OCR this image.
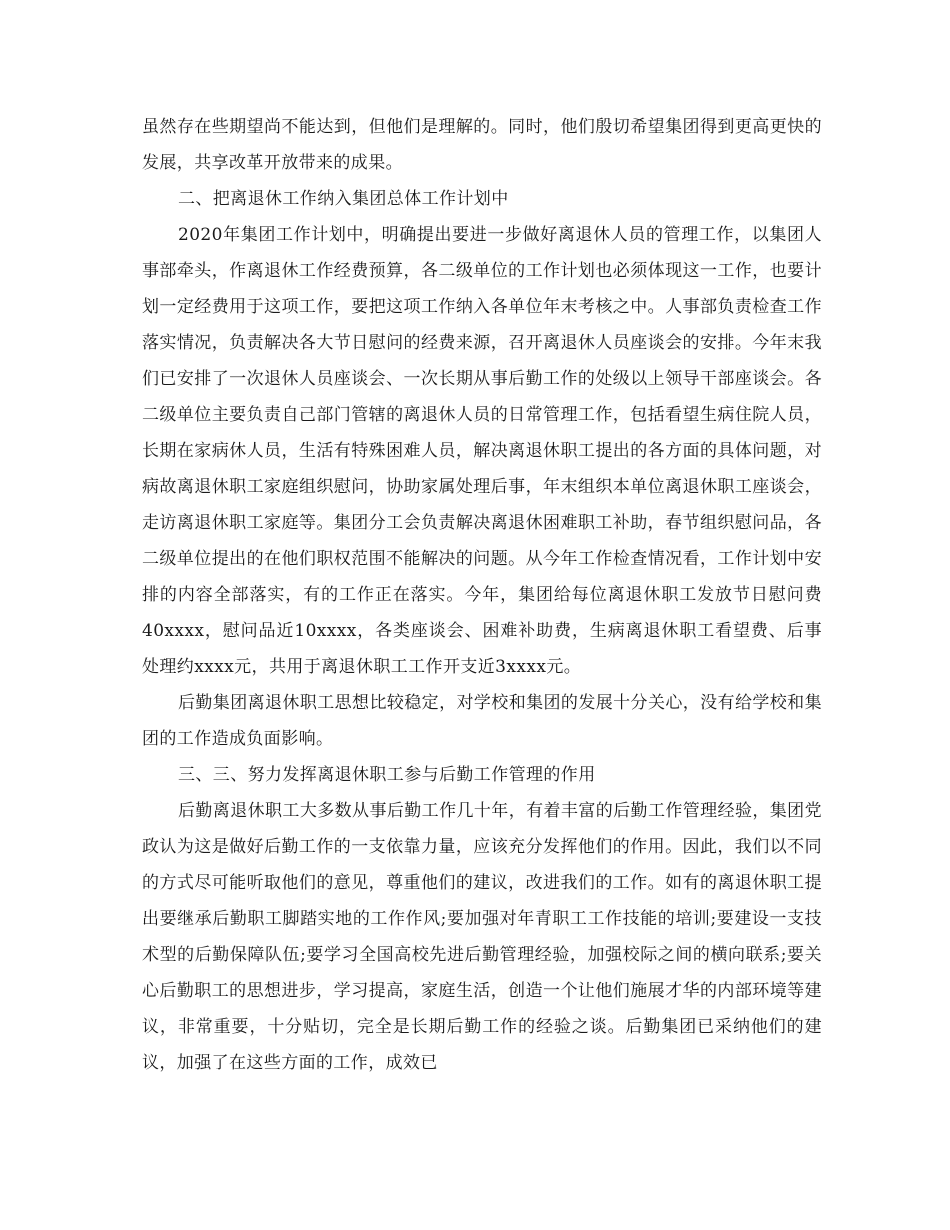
虽然存在些期望尚不能达到，但他们是理解的。同时，他们殷切希望集团得到更高更快的发展，共享改革开放带来的成果。

二、把离退休工作纳入集团总体工作计划中

2020年集团工作计划中，明确提出要进一步做好离退休人员的管理工作，以集团人事部牵头，作离退休工作经费预算，各二级单位的工作计划也必须体现这一工作，也要计划一定经费用于这项工作，要把这项工作纳入各单位年末考核之中。人事部负责检查工作落实情况，负责解决各大节日慰问的经费来源，召开离退休人员座谈会的安排。今年末我们已安排了一次退休人员座谈会、一次长期从事后勤工作的处级以上领导干部座谈会。各二级单位主要负责自己部门管辖的离退休人员的日常管理工作，包括看望生病住院人员，长期在家病休人员，生活有特殊困难人员，解决离退休职工提出的各方面的具体问题，对病故离退休职工家庭组织慰问，协助家属处理后事，年末组织本单位离退休职工座谈会，走访离退休职工家庭等。集团分工会负责解决离退休困难职工补助，春节组织慰问品，各二级单位提出的在他们职权范围不能解决的问题。从今年工作检查情况看，工作计划中安排的内容全部落实，有的工作正在落实。今年，集团给每位离退休职工发放节日慰问费40xxxx，慰问品近10xxxx，各类座谈会、困难补助费，生病离退休职工看望费、后事处理约xxxx元，共用于离退休职工工作开支近3xxxx元。

后勤集团离退休职工思想比较稳定，对学校和集团的发展十分关心，没有给学校和集团的工作造成负面影响。

三、三、努力发挥离退休职工参与后勤工作管理的作用

后勤离退休职工大多数从事后勤工作几十年，有着丰富的后勤工作管理经验，集团党政认为这是做好后勤工作的一支依靠力量，应该充分发挥他们的作用。因此，我们以不同的方式尽可能听取他们的意见，尊重他们的建议，改进我们的工作。如有的离退休职工提出要继承后勤职工脚踏实地的工作作风;要加强对年青职工工作技能的培训;要建设一支技术型的后勤保障队伍;要学习全国高校先进后勤管理经验，加强校际之间的横向联系;要关心后勤职工的思想进步，学习提高，家庭生活，创造一个让他们施展才华的内部环境等建议，非常重要，十分贴切，完全是长期后勤工作的经验之谈。后勤集团已采纳他们的建议，加强了在这些方面的工作，成效已
